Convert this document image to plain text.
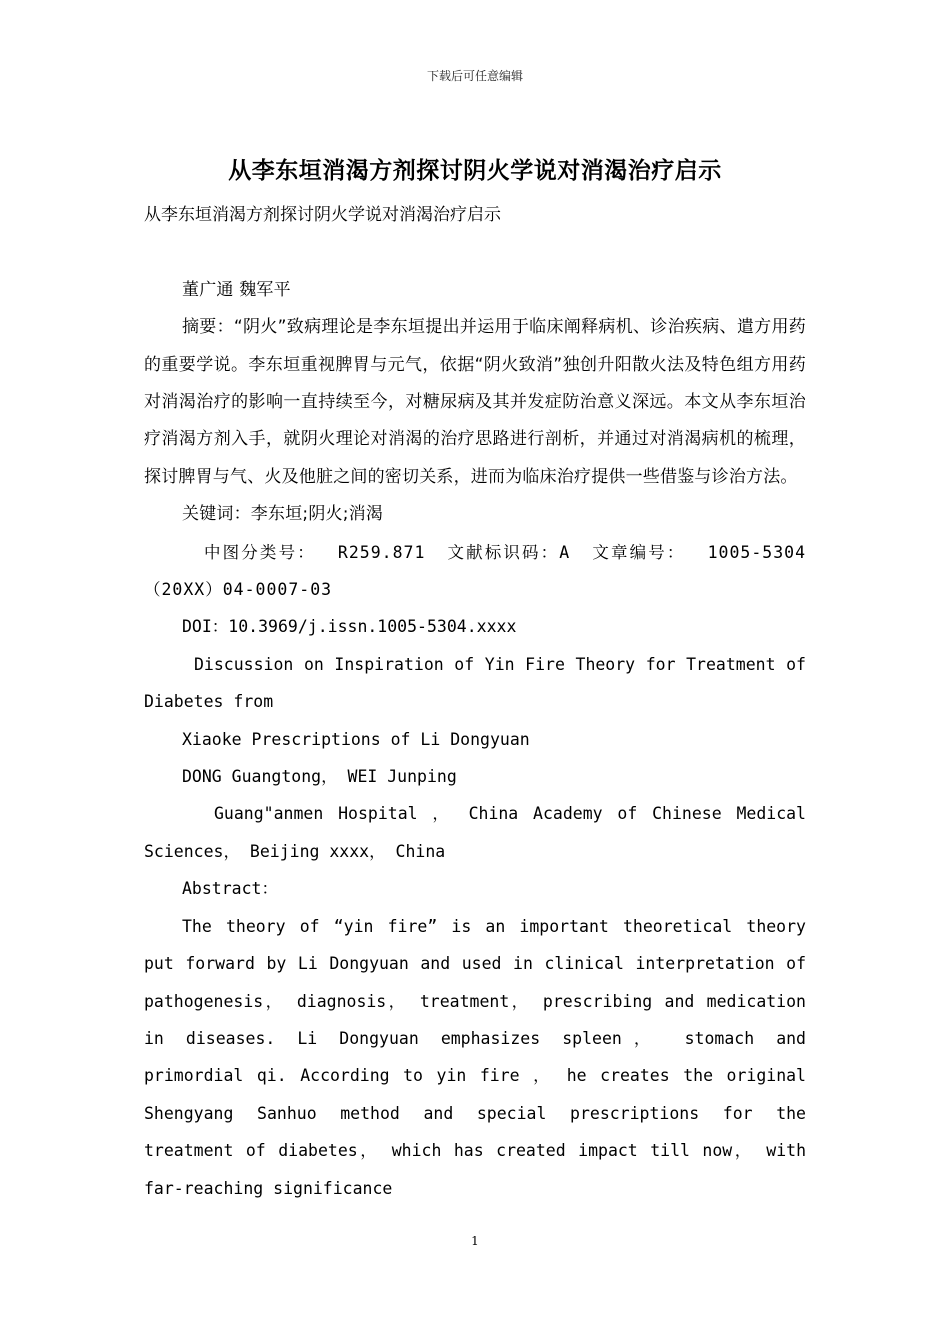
下载后可任意编辑
从李东垣消渴方剂探讨阴火学说对消渴治疗启示

从李东垣消渴方剂探讨阴火学说对消渴治疗启示

董广通 魏军平

摘要：“阴火”致病理论是李东垣提出并运用于临床阐释病机、诊治疾病、遣方用药的重要学说。李东垣重视脾胃与元气，依据“阴火致消”独创升阳散火法及特色组方用药对消渴治疗的影响一直持续至今，对糖尿病及其并发症防治意义深远。本文从李东垣治疗消渴方剂入手，就阴火理论对消渴的治疗思路进行剖析，并通过对消渴病机的梳理，探讨脾胃与气、火及他脏之间的密切关系，进而为临床治疗提供一些借鉴与诊治方法。

关键词：李东垣;阴火;消渴

中图分类号： R259.871 文献标识码：A 文章编号： 1005-5304（20XX）04-0007-03

DOI：10.3969/j.issn.1005-5304.xxxx

Discussion on Inspiration of Yin Fire Theory for Treatment of Diabetes from

Xiaoke Prescriptions of Li Dongyuan

DONG Guangtong， WEI Junping

Guang"anmen Hospital ， China Academy of Chinese Medical Sciences， Beijing xxxx， China

Abstract：

The theory of “yin fire” is an important theoretical theory put forward by Li Dongyuan and used in clinical interpretation of pathogenesis， diagnosis， treatment， prescribing and medication in diseases. Li Dongyuan emphasizes spleen， stomach and primordial qi. According to yin fire ， he creates the original Shengyang Sanhuo method and special prescriptions for the treatment of diabetes， which has created impact till now， with far-reaching significance

1
